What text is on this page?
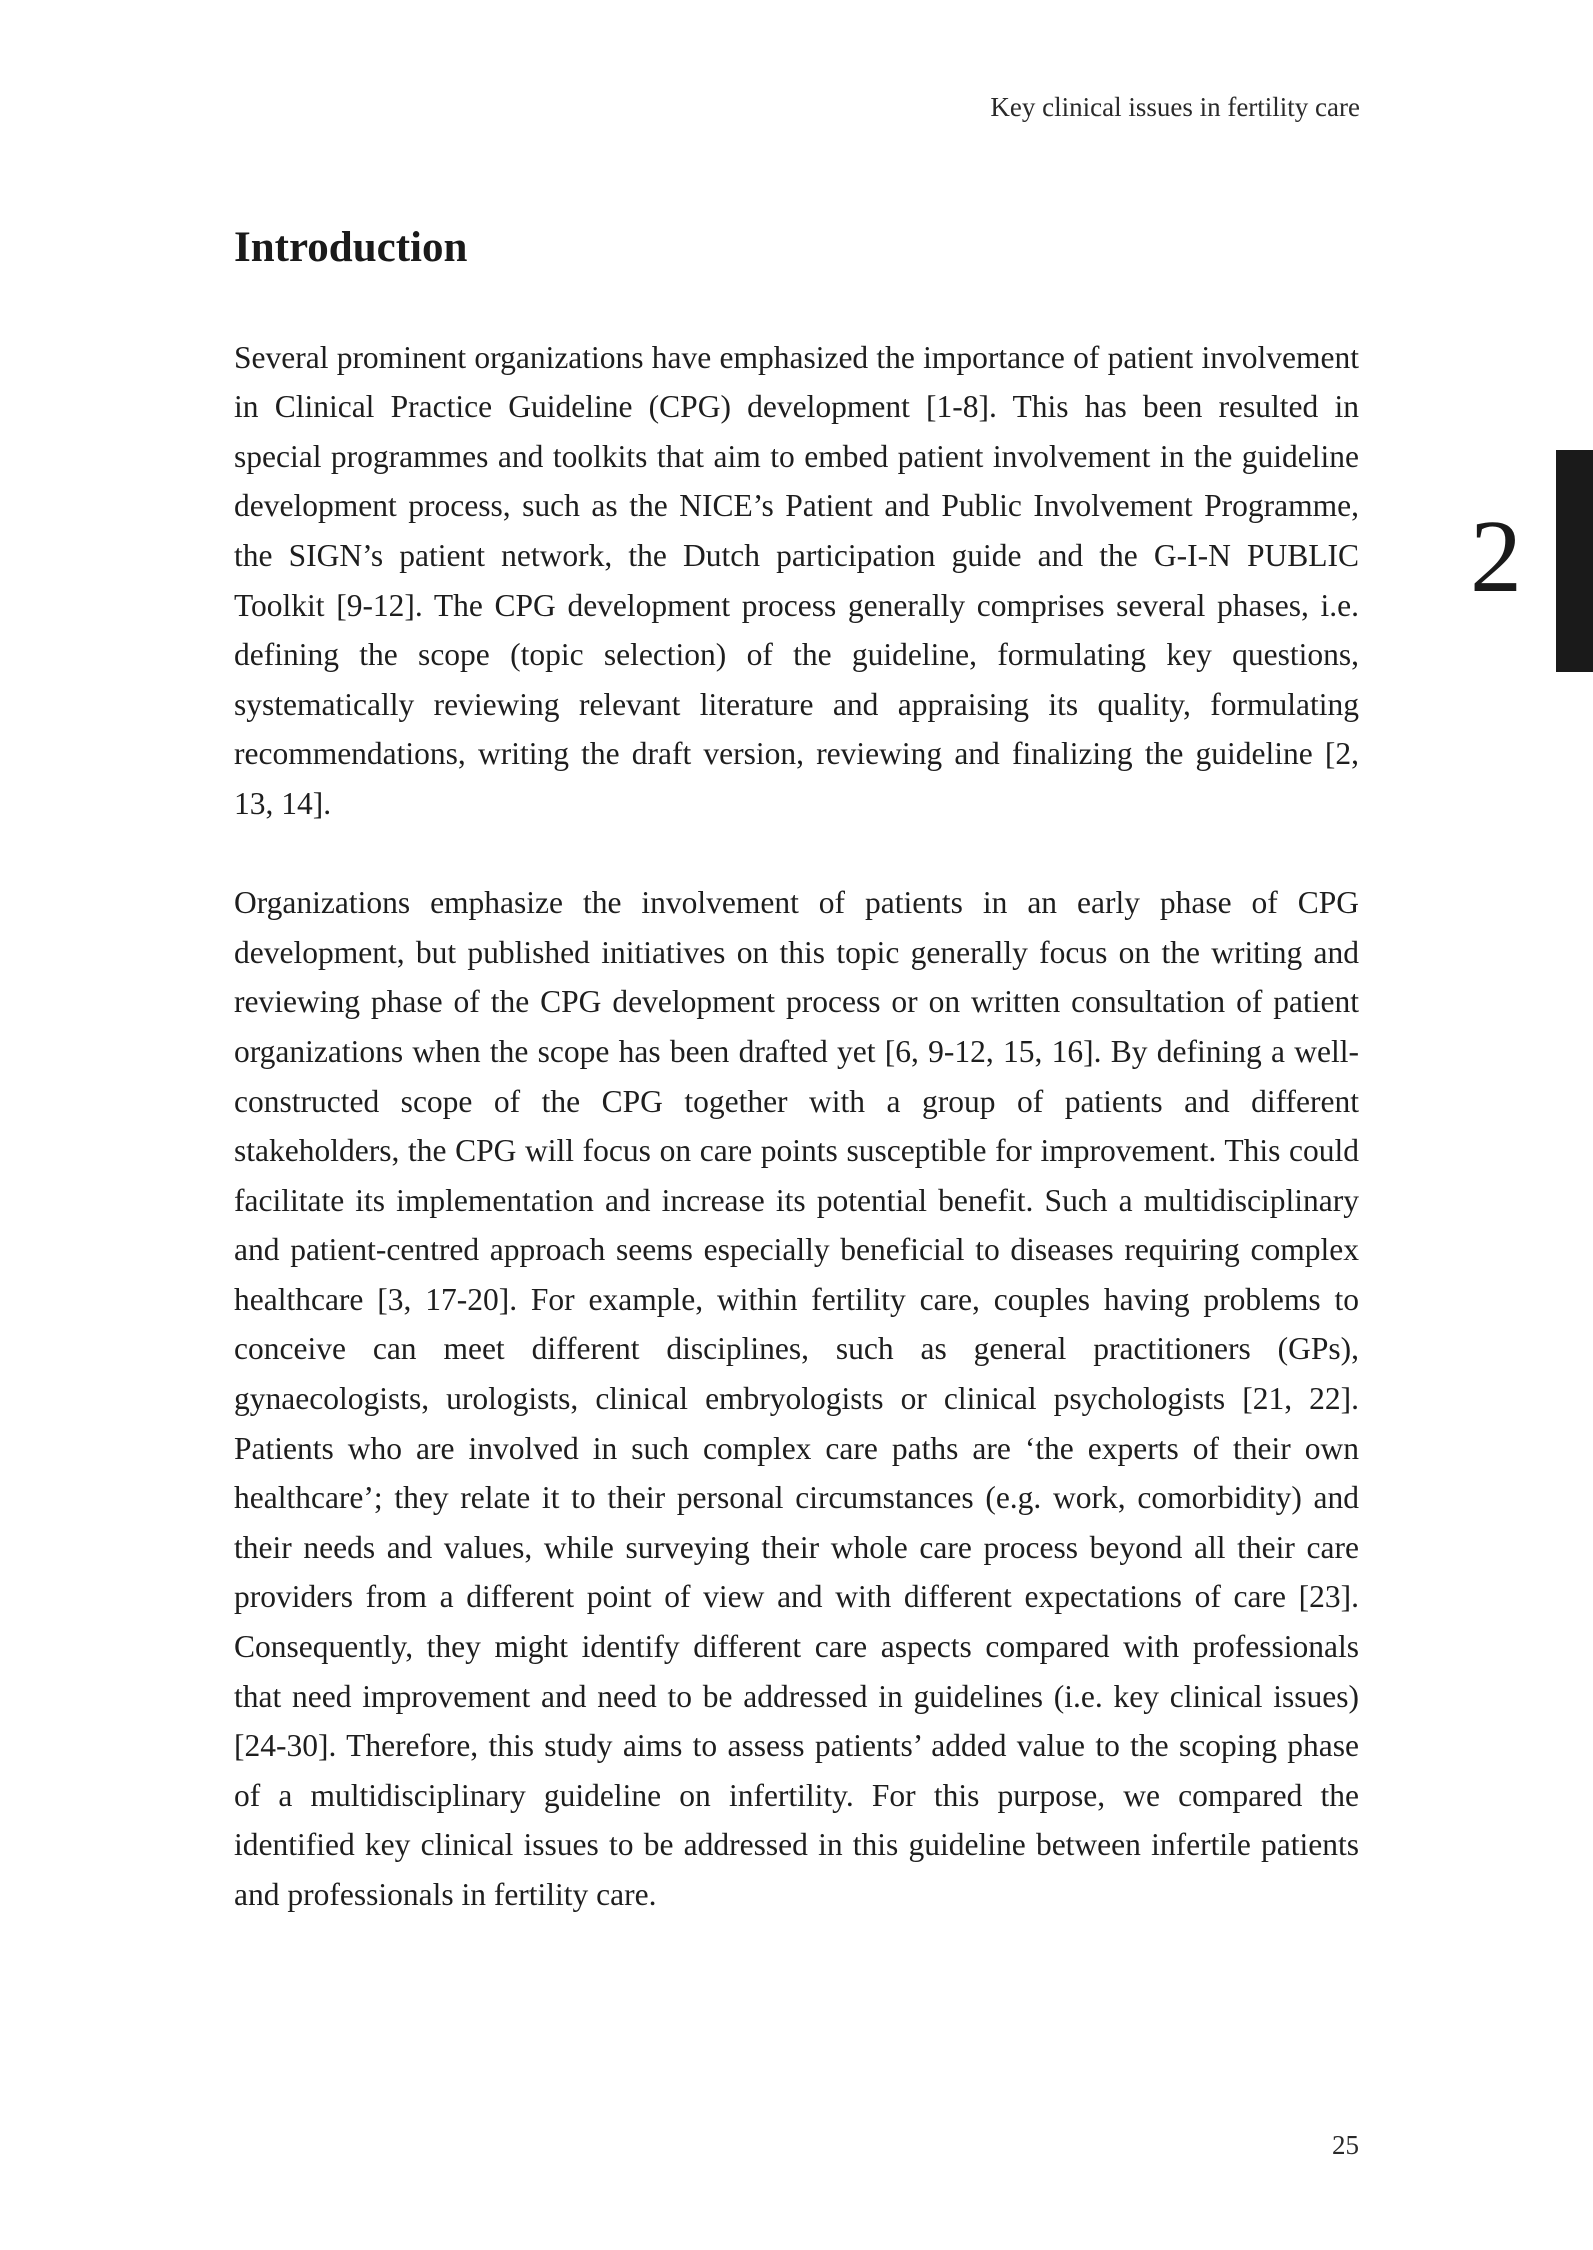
Key clinical issues in fertility care
2
Introduction

Several prominent organizations have emphasized the importance of patient involvement in Clinical Practice Guideline (CPG) development [1-8]. This has been resulted in special programmes and toolkits that aim to embed patient involvement in the guideline development process, such as the NICE’s Patient and Public Involvement Programme, the SIGN’s patient network, the Dutch participation guide and the G-I-N PUBLIC Toolkit [9-12]. The CPG development process generally comprises several phases, i.e. defining the scope (topic selection) of the guideline, formulating key questions, systematically reviewing relevant literature and appraising its quality, formulating recommendations, writing the draft version, reviewing and finalizing the guideline [2, 13, 14].

Organizations emphasize the involvement of patients in an early phase of CPG development, but published initiatives on this topic generally focus on the writing and reviewing phase of the CPG development process or on written consultation of patient organizations when the scope has been drafted yet [6, 9-12, 15, 16]. By defining a well-constructed scope of the CPG together with a group of patients and different stakeholders, the CPG will focus on care points susceptible for improvement. This could facilitate its implementation and increase its potential benefit. Such a multidisciplinary and patient-centred approach seems especially beneficial to diseases requiring complex healthcare [3, 17-20]. For example, within fertility care, couples having problems to conceive can meet different disciplines, such as general practitioners (GPs), gynaecologists, urologists, clinical embryologists or clinical psychologists [21, 22]. Patients who are involved in such complex care paths are ‘the experts of their own healthcare’; they relate it to their personal circumstances (e.g. work, comorbidity) and their needs and values, while surveying their whole care process beyond all their care providers from a different point of view and with different expectations of care [23]. Consequently, they might identify different care aspects compared with professionals that need improvement and need to be addressed in guidelines (i.e. key clinical issues) [24-30]. Therefore, this study aims to assess patients’ added value to the scoping phase of a multidisciplinary guideline on infertility. For this purpose, we compared the identified key clinical issues to be addressed in this guideline between infertile patients and professionals in fertility care.

25
